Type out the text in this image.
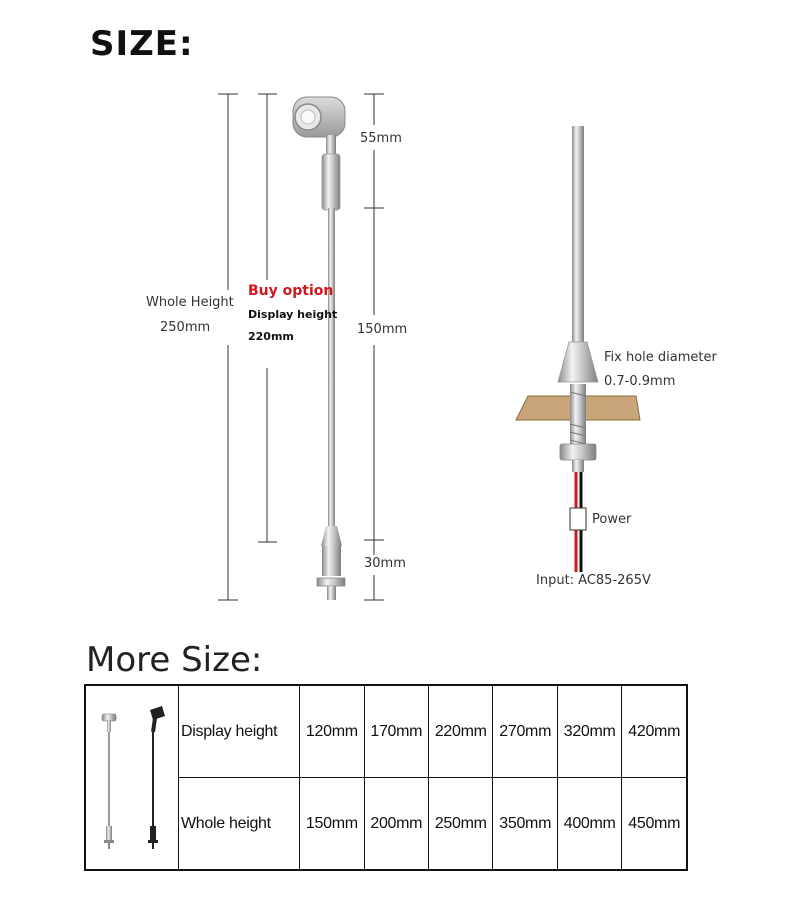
SIZE:
Whole Height
250mm
Buy option
Display height
220mm
55mm
150mm
30mm
Fix hole diameter
0.7-0.9mm
Power
Input: AC85-265V
More Size:
	Display height	120mm	170mm	220mm	270mm	320mm	420mm
	Whole height	150mm	200mm	250mm	350mm	400mm	450mm
